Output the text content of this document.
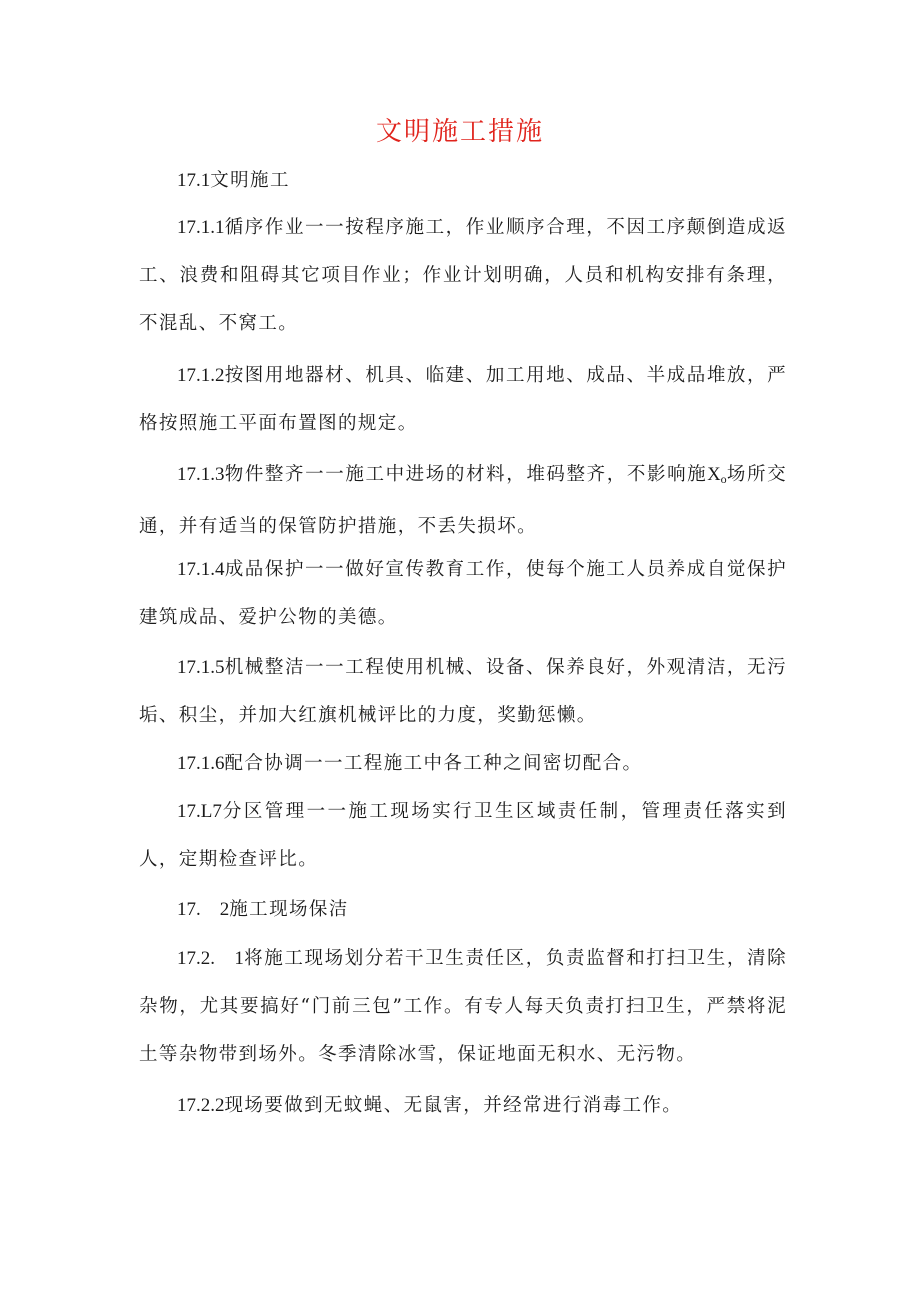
文明施工措施

17.1文明施工

17.1.1循序作业一一按程序施工，作业顺序合理，不因工序颠倒造成返工、浪费和阻碍其它项目作业；作业计划明确，人员和机构安排有条理，不混乱、不窝工。

17.1.2按图用地器材、机具、临建、加工用地、成品、半成品堆放，严格按照施工平面布置图的规定。

17.1.3物件整齐一一施工中进场的材料，堆码整齐，不影响施$X_o$场所交通，并有适当的保管防护措施，不丢失损坏。

17.1.4成品保护一一做好宣传教育工作，使每个施工人员养成自觉保护建筑成品、爱护公物的美德。

17.1.5机械整洁一一工程使用机械、设备、保养良好，外观清洁，无污垢、积尘，并加大红旗机械评比的力度，奖勤惩懒。

17.1.6配合协调一一工程施工中各工种之间密切配合。

17.L7分区管理一一施工现场实行卫生区域责任制，管理责任落实到人，定期检查评比。

17.　2施工现场保洁

17.2.　1将施工现场划分若干卫生责任区，负责监督和打扫卫生，清除杂物，尤其要搞好“门前三包”工作。有专人每天负责打扫卫生，严禁将泥土等杂物带到场外。冬季清除冰雪，保证地面无积水、无污物。

17.2.2现场要做到无蚊蝇、无鼠害，并经常进行消毒工作。
